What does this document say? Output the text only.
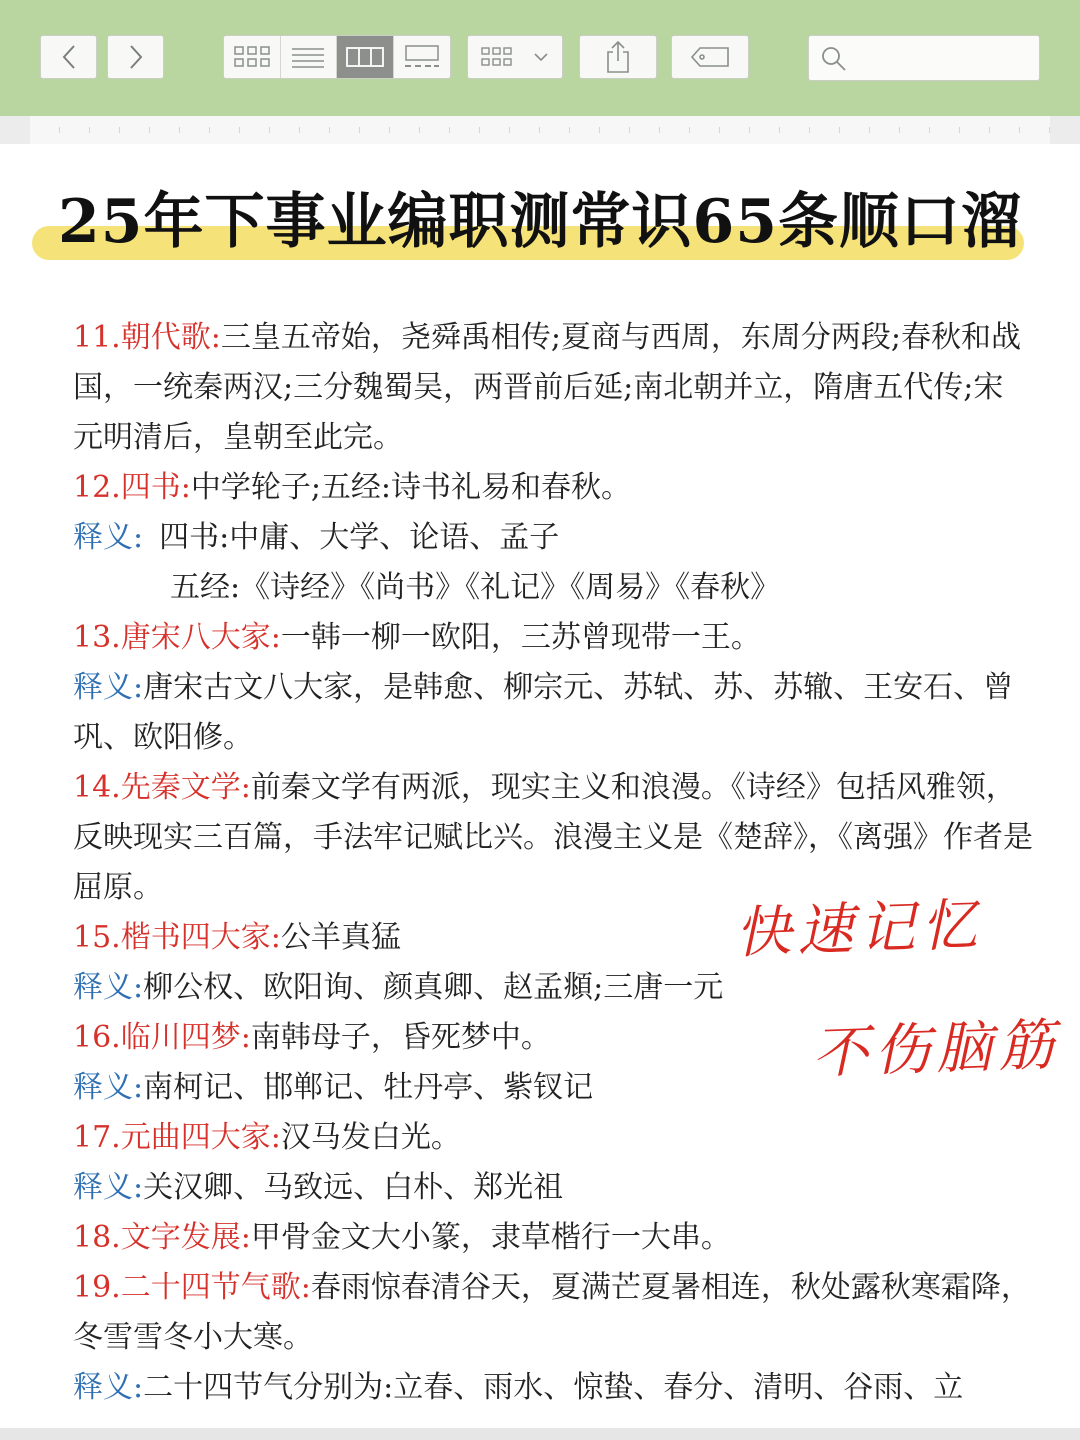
25年下事业编职测常识65条顺口溜

11.朝代歌:三皇五帝始，尧舜禹相传;夏商与西周，东周分两段;春秋和战国，一统秦两汉;三分魏蜀吴，两晋前后延;南北朝并立，隋唐五代传;宋元明清后，皇朝至此完。

12.四书:中学轮子;五经:诗书礼易和春秋。

释义: 四书:中庸、大学、论语、孟子

五经:《诗经》《尚书》《礼记》《周易》《春秋》

13.唐宋八大家:一韩一柳一欧阳，三苏曾现带一王。

释义:唐宋古文八大家，是韩愈、柳宗元、苏轼、苏、苏辙、王安石、曾巩、欧阳修。

14.先秦文学:前秦文学有两派，现实主义和浪漫。《诗经》包括风雅领，反映现实三百篇，手法牢记赋比兴。浪漫主义是《楚辞》，《离强》作者是屈原。

15.楷书四大家:公羊真猛

释义:柳公权、欧阳询、颜真卿、赵孟頫;三唐一元

16.临川四梦:南韩母子，昏死梦中。

释义:南柯记、邯郸记、牡丹亭、紫钗记

17.元曲四大家:汉马发白光。

释义:关汉卿、马致远、白朴、郑光祖

18.文字发展:甲骨金文大小篆，隶草楷行一大串。

19.二十四节气歌:春雨惊春清谷天，夏满芒夏暑相连，秋处露秋寒霜降，冬雪雪冬小大寒。

释义:二十四节气分别为:立春、雨水、惊蛰、春分、清明、谷雨、立

快速记忆
不伤脑筋
